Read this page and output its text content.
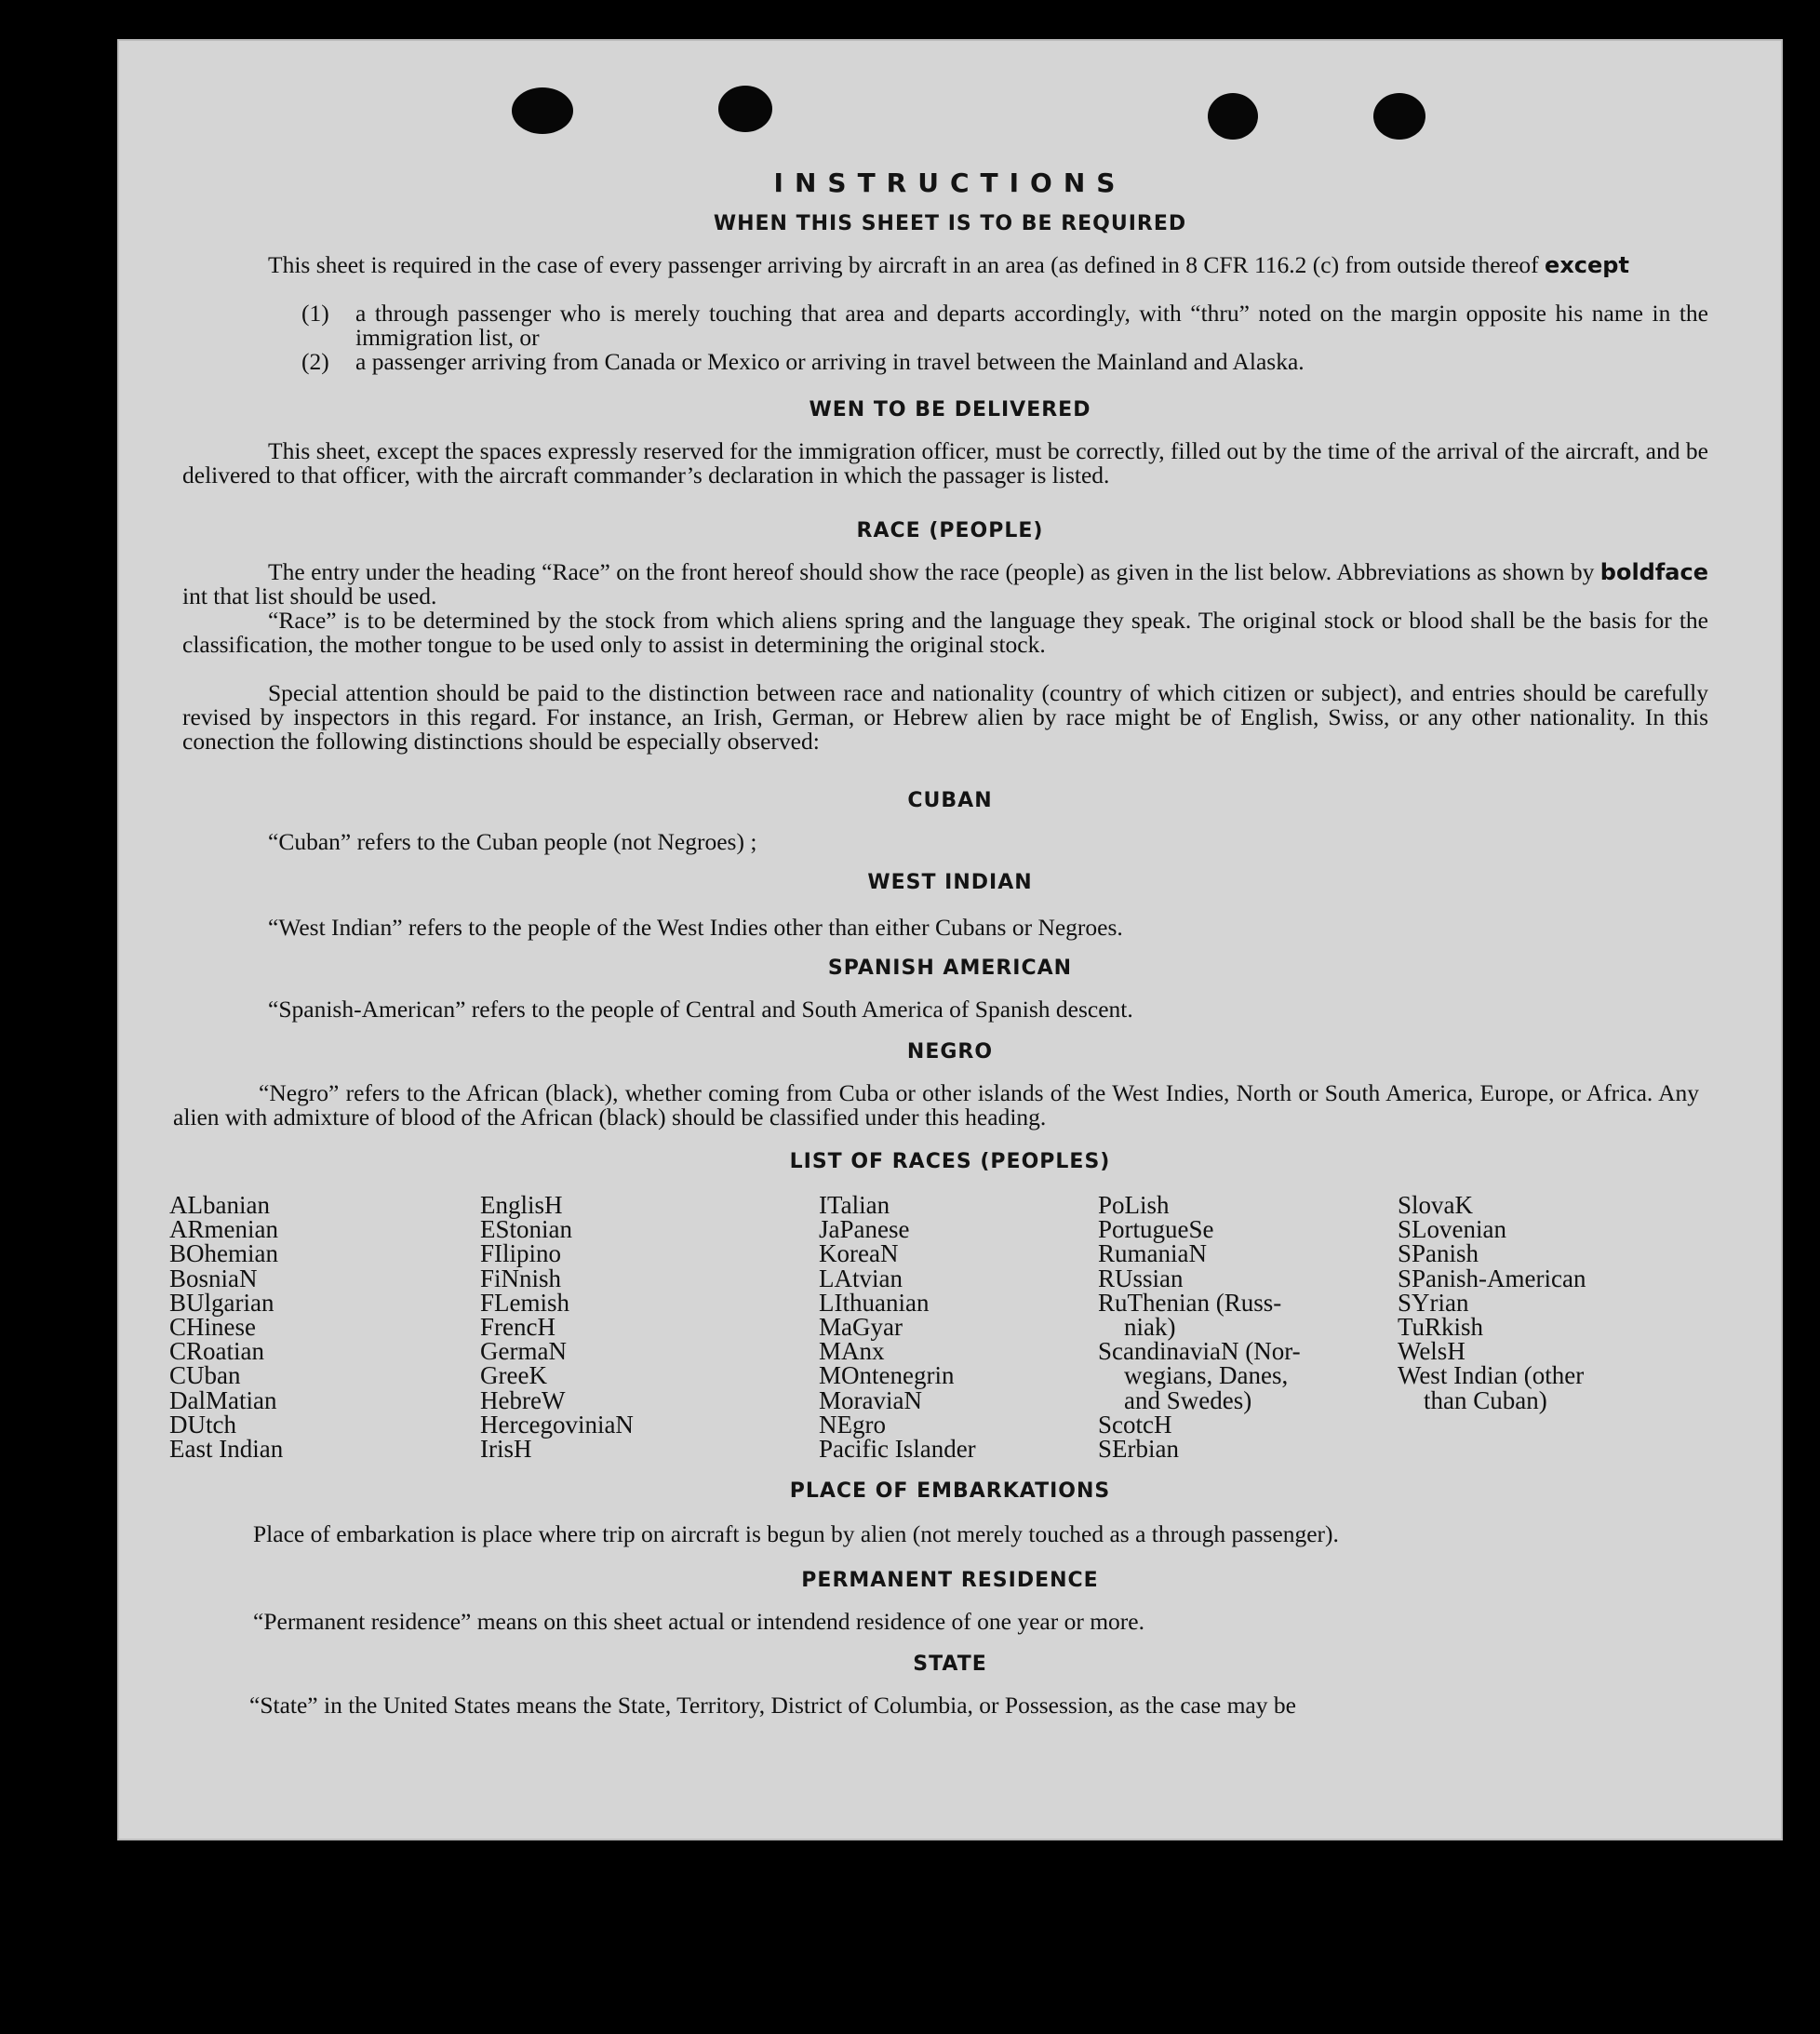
INSTRUCTIONS
WHEN THIS SHEET IS TO BE REQUIRED
This sheet is required in the case of every passenger arriving by aircraft in an area (as defined in 8 CFR 116.2 (c) from outside thereof except
(1) a through passenger who is merely touching that area and departs accordingly, with “thru” noted on the margin opposite his name in the immigration list, or
(2) a passenger arriving from Canada or Mexico or arriving in travel between the Mainland and Alaska.
WEN TO BE DELIVERED
This sheet, except the spaces expressly reserved for the immigration officer, must be correctly, filled out by the time of the arrival of the aircraft, and be delivered to that officer, with the aircraft commander’s declaration in which the passager is listed.
RACE (PEOPLE)
The entry under the heading “Race” on the front hereof should show the race (people) as given in the list below. Abbreviations as shown by boldface int that list should be used.
“Race” is to be determined by the stock from which aliens spring and the language they speak. The original stock or blood shall be the basis for the classification, the mother tongue to be used only to assist in determining the original stock.
Special attention should be paid to the distinction between race and nationality (country of which citizen or subject), and entries should be carefully revised by inspectors in this regard. For instance, an Irish, German, or Hebrew alien by race might be of English, Swiss, or any other nationality. In this conection the following distinctions should be especially observed:
CUBAN
“Cuban” refers to the Cuban people (not Negroes) ;
WEST INDIAN
“West Indian” refers to the people of the West Indies other than either Cubans or Negroes.
SPANISH AMERICAN
“Spanish-American” refers to the people of Central and South America of Spanish descent.
NEGRO
“Negro” refers to the African (black), whether coming from Cuba or other islands of the West Indies, North or South America, Europe, or Africa. Any alien with admixture of blood of the African (black) should be classified under this heading.
LIST OF RACES (PEOPLES)
ALbanian
ARmenian
BOhemian
BosniaN
BUlgarian
CHinese
CRoatian
CUban
DalMatian
DUtch
East Indian
EnglisH
EStonian
FIlipino
FiNnish
FLemish
FrencH
GermaN
GreeK
HebreW
HercegoviniaN
IrisH
ITalian
JaPanese
KoreaN
LAtvian
LIthuanian
MaGyar
MAnx
MOntenegrin
MoraviaN
NEgro
Pacific Islander
PoLish
PortugueSe
RumaniaN
RUssian
RuThenian (Russ-
niak)
ScandinaviaN (Nor-
wegians, Danes,
and Swedes)
ScotcH
SErbian
SlovaK
SLovenian
SPanish
SPanish-American
SYrian
TuRkish
WelsH
West Indian (other
than Cuban)
PLACE OF EMBARKATIONS
Place of embarkation is place where trip on aircraft is begun by alien (not merely touched as a through passenger).
PERMANENT RESIDENCE
“Permanent residence” means on this sheet actual or intendend residence of one year or more.
STATE
“State” in the United States means the State, Territory, District of Columbia, or Possession, as the case may be
